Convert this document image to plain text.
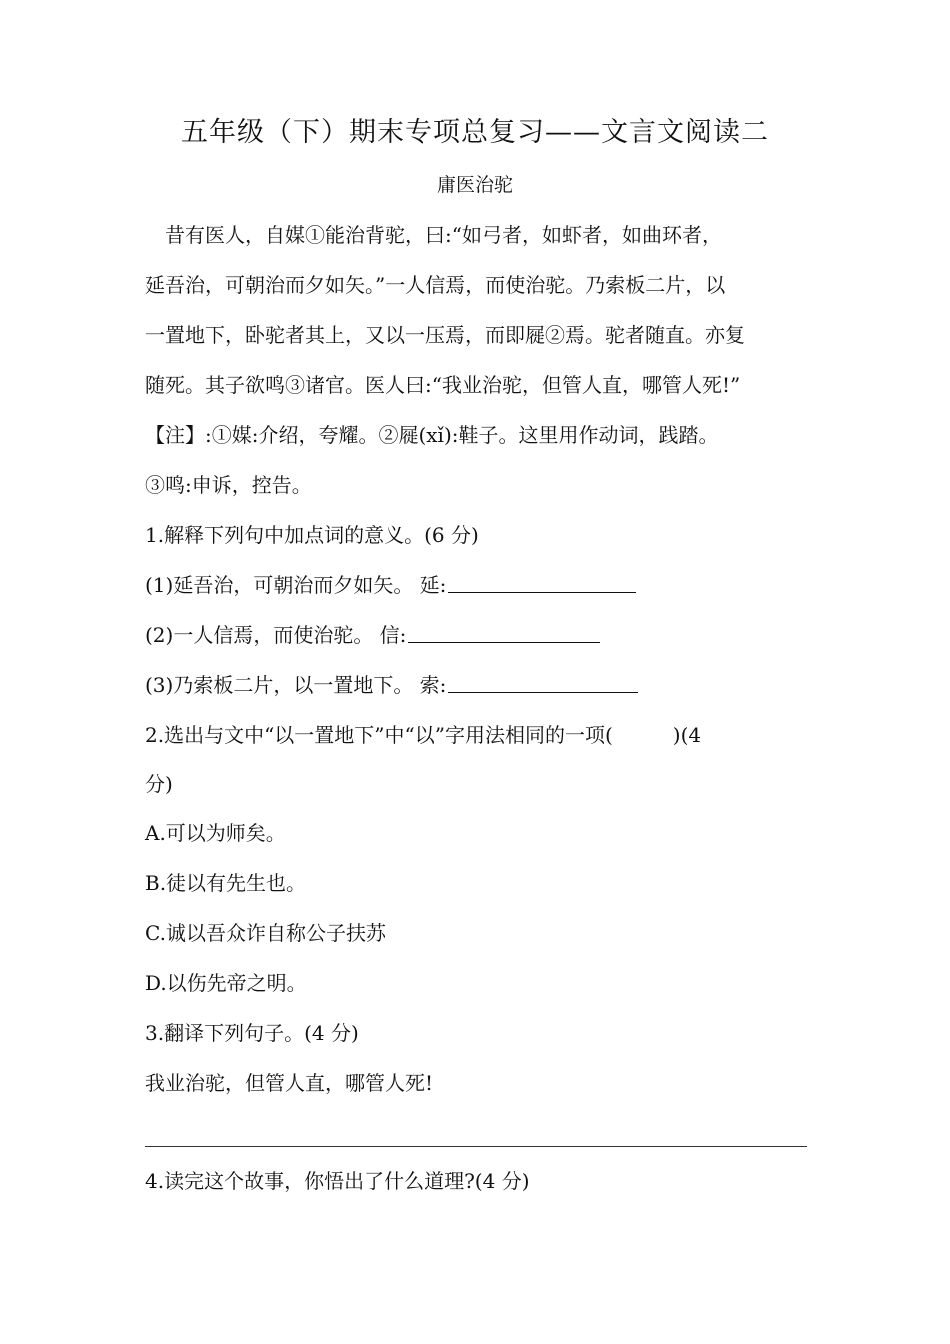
五年级（下）期末专项总复习——文言文阅读二
庸医治驼
　昔有医人，自媒①能治背驼，曰:“如弓者，如虾者，如曲环者，
延吾治，可朝治而夕如矢。”一人信焉，而使治驼。乃索板二片，以
一置地下，卧驼者其上，又以一压焉，而即屣②焉。驼者随直。亦复
随死。其子欲鸣③诸官。医人曰:“我业治驼，但管人直，哪管人死!”
【注】:①媒:介绍，夸耀。②屣(xǐ):鞋子。这里用作动词，践踏。
③鸣:申诉，控告。
1.解释下列句中加点词的意义。(6 分)
(1)延吾治，可朝治而夕如矢。 延:
(2)一人信焉，而使治驼。 信:
(3)乃索板二片，以一置地下。 索:
2.选出与文中“以一置地下”中“以”字用法相同的一项(　　　)(4
分)
A.可以为师矣。
B.徒以有先生也。
C.诚以吾众诈自称公子扶苏
D.以伤先帝之明。
3.翻译下列句子。(4 分)
我业治驼，但管人直，哪管人死!
4.读完这个故事，你悟出了什么道理?(4 分)
